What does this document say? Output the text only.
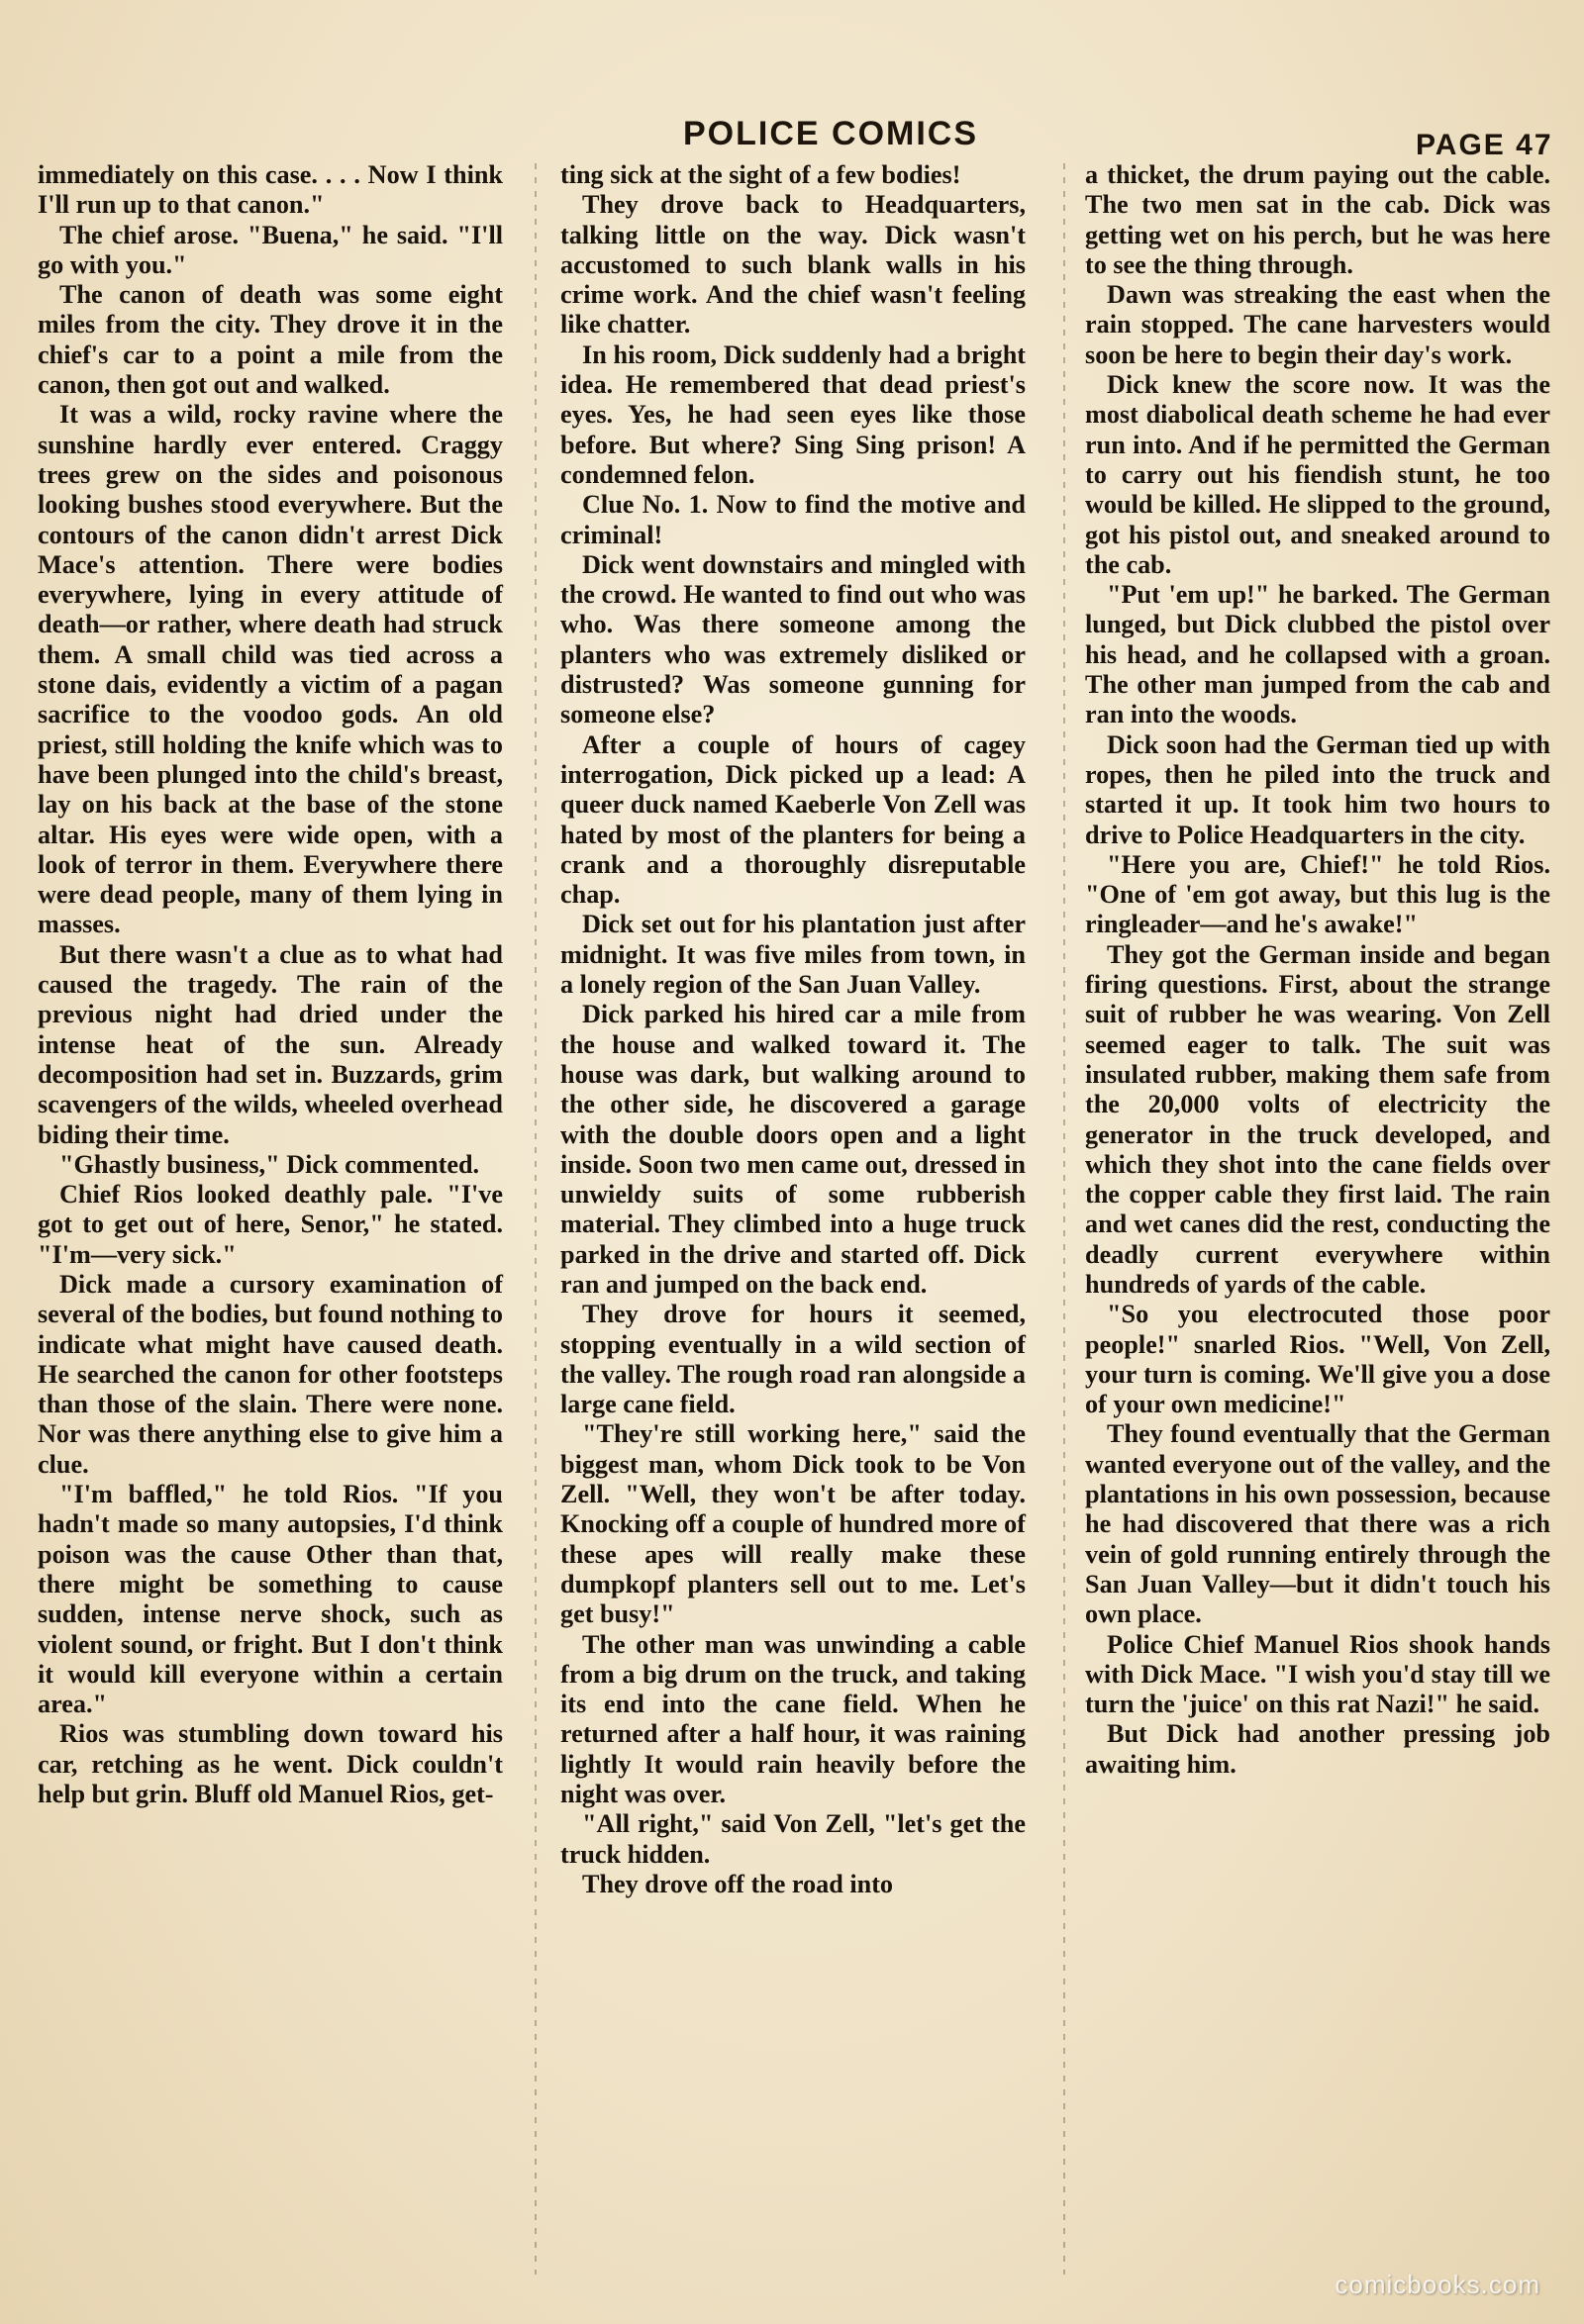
POLICE COMICS	PAGE 47

immediately on this case. . . . Now I think I'll run up to that canon."

The chief arose. "Buena," he said. "I'll go with you."

The canon of death was some eight miles from the city. They drove it in the chief's car to a point a mile from the canon, then got out and walked.

It was a wild, rocky ravine where the sunshine hardly ever entered. Craggy trees grew on the sides and poisonous looking bushes stood everywhere. But the contours of the canon didn't arrest Dick Mace's attention. There were bodies everywhere, lying in every attitude of death—or rather, where death had struck them. A small child was tied across a stone dais, evidently a victim of a pagan sacrifice to the voodoo gods. An old priest, still holding the knife which was to have been plunged into the child's breast, lay on his back at the base of the stone altar. His eyes were wide open, with a look of terror in them. Everywhere there were dead people, many of them lying in masses.

But there wasn't a clue as to what had caused the tragedy. The rain of the previous night had dried under the intense heat of the sun. Already decomposition had set in. Buzzards, grim scavengers of the wilds, wheeled overhead biding their time.

"Ghastly business," Dick commented.

Chief Rios looked deathly pale. "I've got to get out of here, Senor," he stated. "I'm—very sick."

Dick made a cursory examination of several of the bodies, but found nothing to indicate what might have caused death. He searched the canon for other footsteps than those of the slain. There were none. Nor was there anything else to give him a clue.

"I'm baffled," he told Rios. "If you hadn't made so many autopsies, I'd think poison was the cause Other than that, there might be something to cause sudden, intense nerve shock, such as violent sound, or fright. But I don't think it would kill everyone within a certain area."

Rios was stumbling down toward his car, retching as he went. Dick couldn't help but grin. Bluff old Manuel Rios, get-

ting sick at the sight of a few bodies!

They drove back to Headquarters, talking little on the way. Dick wasn't accustomed to such blank walls in his crime work. And the chief wasn't feeling like chatter.

In his room, Dick suddenly had a bright idea. He remembered that dead priest's eyes. Yes, he had seen eyes like those before. But where? Sing Sing prison! A condemned felon.

Clue No. 1. Now to find the motive and criminal!

Dick went downstairs and mingled with the crowd. He wanted to find out who was who. Was there someone among the planters who was extremely disliked or distrusted? Was someone gunning for someone else?

After a couple of hours of cagey interrogation, Dick picked up a lead: A queer duck named Kaeberle Von Zell was hated by most of the planters for being a crank and a thoroughly disreputable chap.

Dick set out for his plantation just after midnight. It was five miles from town, in a lonely region of the San Juan Valley.

Dick parked his hired car a mile from the house and walked toward it. The house was dark, but walking around to the other side, he discovered a garage with the double doors open and a light inside. Soon two men came out, dressed in unwieldy suits of some rubberish material. They climbed into a huge truck parked in the drive and started off. Dick ran and jumped on the back end.

They drove for hours it seemed, stopping eventually in a wild section of the valley. The rough road ran alongside a large cane field.

"They're still working here," said the biggest man, whom Dick took to be Von Zell. "Well, they won't be after today. Knocking off a couple of hundred more of these apes will really make these dumpkopf planters sell out to me. Let's get busy!"

The other man was unwinding a cable from a big drum on the truck, and taking its end into the cane field. When he returned after a half hour, it was raining lightly It would rain heavily before the night was over.

"All right," said Von Zell, "let's get the truck hidden.

They drove off the road into

a thicket, the drum paying out the cable. The two men sat in the cab. Dick was getting wet on his perch, but he was here to see the thing through.

Dawn was streaking the east when the rain stopped. The cane harvesters would soon be here to begin their day's work.

Dick knew the score now. It was the most diabolical death scheme he had ever run into. And if he permitted the German to carry out his fiendish stunt, he too would be killed. He slipped to the ground, got his pistol out, and sneaked around to the cab.

"Put 'em up!" he barked. The German lunged, but Dick clubbed the pistol over his head, and he collapsed with a groan. The other man jumped from the cab and ran into the woods.

Dick soon had the German tied up with ropes, then he piled into the truck and started it up. It took him two hours to drive to Police Headquarters in the city.

"Here you are, Chief!" he told Rios. "One of 'em got away, but this lug is the ringleader—and he's awake!"

They got the German inside and began firing questions. First, about the strange suit of rubber he was wearing. Von Zell seemed eager to talk. The suit was insulated rubber, making them safe from the 20,000 volts of electricity the generator in the truck developed, and which they shot into the cane fields over the copper cable they first laid. The rain and wet canes did the rest, conducting the deadly current everywhere within hundreds of yards of the cable.

"So you electrocuted those poor people!" snarled Rios. "Well, Von Zell, your turn is coming. We'll give you a dose of your own medicine!"

They found eventually that the German wanted everyone out of the valley, and the plantations in his own possession, because he had discovered that there was a rich vein of gold running entirely through the San Juan Valley—but it didn't touch his own place.

Police Chief Manuel Rios shook hands with Dick Mace. "I wish you'd stay till we turn the 'juice' on this rat Nazi!" he said.

But Dick had another pressing job awaiting him.

comicbooks.com
